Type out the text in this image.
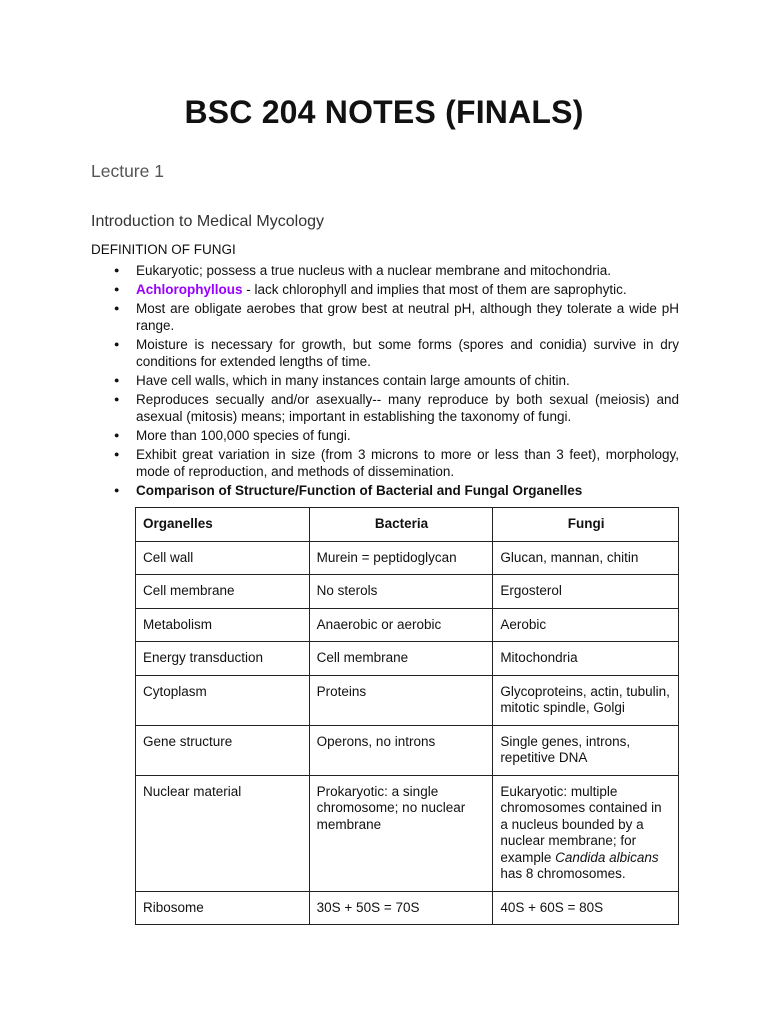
BSC 204 NOTES (FINALS)
Lecture 1
Introduction to Medical Mycology
DEFINITION OF FUNGI
● Eukaryotic; possess a true nucleus with a nuclear membrane and mitochondria.
● Achlorophyllous - lack chlorophyll and implies that most of them are saprophytic.
● Most are obligate aerobes that grow best at neutral pH, although they tolerate a wide pH range.
● Moisture is necessary for growth, but some forms (spores and conidia) survive in dry conditions for extended lengths of time.
● Have cell walls, which in many instances contain large amounts of chitin.
● Reproduces secually and/or asexually-- many reproduce by both sexual (meiosis) and asexual (mitosis) means; important in establishing the taxonomy of fungi.
● More than 100,000 species of fungi.
● Exhibit great variation in size (from 3 microns to more or less than 3 feet), morphology, mode of reproduction, and methods of dissemination.
● Comparison of Structure/Function of Bacterial and Fungal Organelles
Organelles	Bacteria	Fungi
Cell wall	Murein = peptidoglycan	Glucan, mannan, chitin
Cell membrane	No sterols	Ergosterol
Metabolism	Anaerobic or aerobic	Aerobic
Energy transduction	Cell membrane	Mitochondria
Cytoplasm	Proteins	Glycoproteins, actin, tubulin, mitotic spindle, Golgi
Gene structure	Operons, no introns	Single genes, introns, repetitive DNA
Nuclear material	Prokaryotic: a single chromosome; no nuclear membrane	Eukaryotic: multiple chromosomes contained in a nucleus bounded by a nuclear membrane; for example Candida albicans has 8 chromosomes.
Ribosome	30S + 50S = 70S	40S + 60S = 80S
